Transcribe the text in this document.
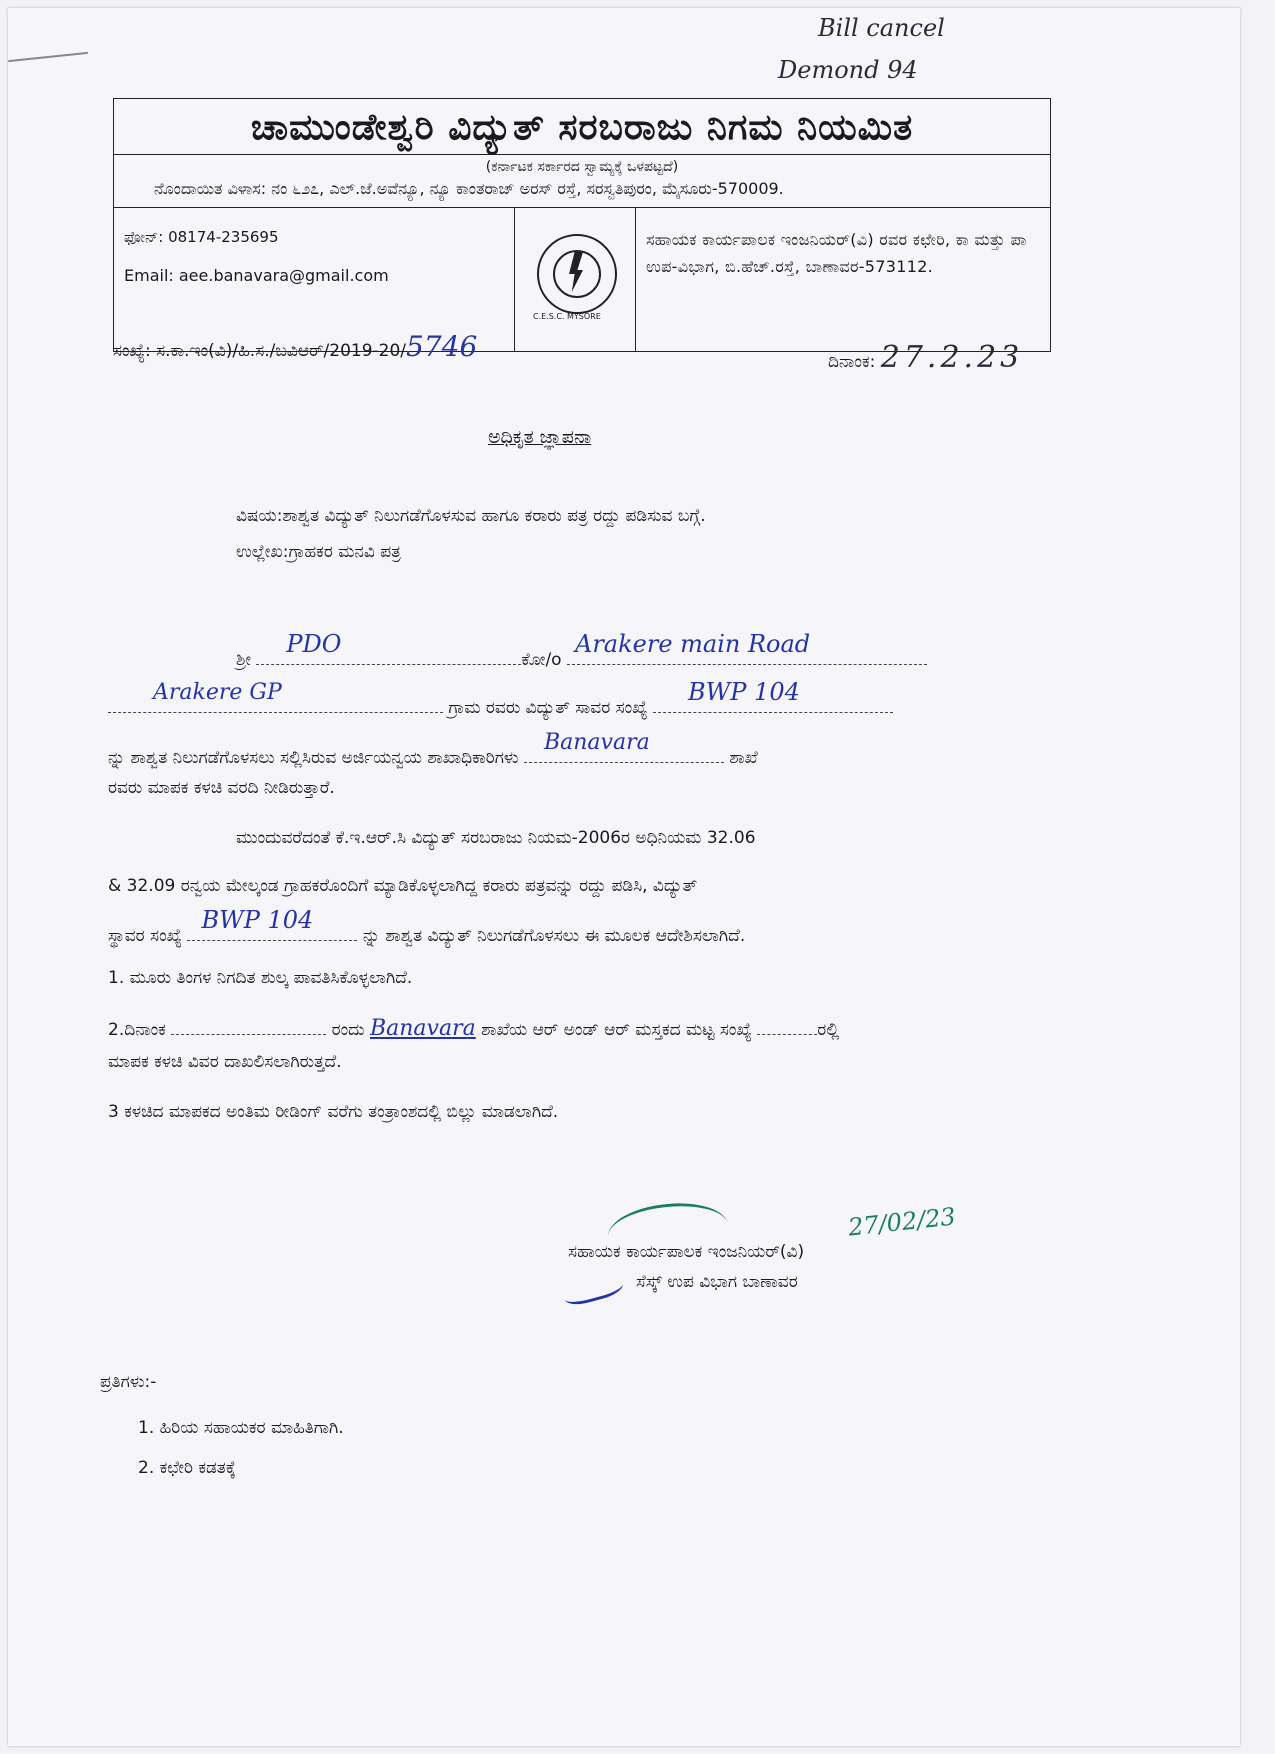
Bill cancel
Demond 94
ಚಾಮುಂಡೇಶ್ವರಿ ವಿದ್ಯುತ್ ಸರಬರಾಜು ನಿಗಮ ನಿಯಮಿತ
(ಕರ್ನಾಟಕ ಸರ್ಕಾರದ ಸ್ವಾಮ್ಯಕ್ಕೆ ಒಳಪಟ್ಟದೆ)
ನೊಂದಾಯಿತ ವಿಳಾಸ: ನಂ ೬೨೭, ಎಲ್.ಜೆ.ಅವೆನ್ಯೂ, ನ್ಯೂ ಕಾಂತರಾಜ್ ಅರಸ್ ರಸ್ತೆ, ಸರಸ್ವತಿಪುರಂ, ಮೈಸೂರು-570009.
ಫೋನ್: 08174-235695
Email: aee.banavara@gmail.com
C.E.S.C. MYSORE
ಸಹಾಯಕ ಕಾರ್ಯಪಾಲಕ ಇಂಜನಿಯರ್(ವಿ) ರವರ ಕಛೇರಿ, ಕಾ ಮತ್ತು ಪಾ ಉಪ-ವಿಭಾಗ, ಬಿ.ಹೆಚ್.ರಸ್ತೆ, ಬಾಣಾವರ-573112.
ಸಂಖ್ಯೆ: ಸ.ಕಾ.ಇಂ(ವಿ)/ಹಿ.ಸ./ಬವಿಆರ್/2019-20/5746	ದಿನಾಂಕ: 27.2.23
ಅಧಿಕೃತ ಜ್ಞಾಪನಾ
ವಿಷಯ:ಶಾಶ್ವತ ವಿದ್ಯುತ್ ನಿಲುಗಡೆಗೊಳಸುವ ಹಾಗೂ ಕರಾರು ಪತ್ರ ರದ್ದು ಪಡಿಸುವ ಬಗ್ಗೆ.
ಉಲ್ಲೇಖ:ಗ್ರಾಹಕರ ಮನವಿ ಪತ್ರ
ಶ್ರೀ
PDO
ಕೋ/o
Arakere main Road
Arakere GP
ಗ್ರಾಮ ರವರು ವಿದ್ಯುತ್ ಸಾವರ ಸಂಖ್ಯೆ
BWP 104
ನ್ನು ಶಾಶ್ವತ ನಿಲುಗಡೆಗೊಳಸಲು ಸಲ್ಲಿಸಿರುವ ಅರ್ಜಿಯನ್ವಯ ಶಾಖಾಧಿಕಾರಿಗಳು
Banavara
ಶಾಖೆ
ರವರು ಮಾಪಕ ಕಳಚಿ ವರದಿ ನೀಡಿರುತ್ತಾರೆ.
ಮುಂದುವರೆದಂತೆ ಕೆ.ಇ.ಆರ್.ಸಿ ವಿದ್ಯುತ್ ಸರಬರಾಜು ನಿಯಮ-2006ರ ಅಧಿನಿಯಮ 32.06
& 32.09 ರನ್ವಯ ಮೇಲ್ಕಂಡ ಗ್ರಾಹಕರೊಂದಿಗೆ ಮ್ಯಾಡಿಕೊಳ್ಳಲಾಗಿದ್ದ ಕರಾರು ಪತ್ರವನ್ನು ರದ್ದು ಪಡಿಸಿ, ವಿದ್ಯುತ್
ಸ್ಥಾವರ ಸಂಖ್ಯೆ
BWP 104
ನ್ನು ಶಾಶ್ವತ ವಿದ್ಯುತ್ ನಿಲುಗಡೆಗೊಳಸಲು ಈ ಮೂಲಕ ಆದೇಶಿಸಲಾಗಿದೆ.
1. ಮೂರು ತಿಂಗಳ ನಿಗದಿತ ಶುಲ್ಕ ಪಾವತಿಸಿಕೊಳ್ಳಲಾಗಿದೆ.
2.ದಿನಾಂಕ	ರಂದು Banavara ಶಾಖೆಯ ಆರ್ ಅಂಡ್ ಆರ್ ಮಸ್ತಕದ ಮಟ್ಟ ಸಂಖ್ಯೆ	ರಲ್ಲಿ
ಮಾಪಕ ಕಳಚಿ ವಿವರ ದಾಖಲಿಸಲಾಗಿರುತ್ತದೆ.
3 ಕಳಚಿದ ಮಾಪಕದ ಅಂತಿಮ ರೀಡಿಂಗ್ ವರೆಗು ತಂತ್ರಾಂಶದಲ್ಲಿ ಬಿಲ್ಲು ಮಾಡಲಾಗಿದೆ.
27/02/23
ಸಹಾಯಕ ಕಾರ್ಯಪಾಲಕ ಇಂಜನಿಯರ್(ವಿ)
ಸೆಸ್ಕ್ ಉಪ ವಿಭಾಗ ಬಾಣಾವರ
ಪ್ರತಿಗಳು:-
1. ಹಿರಿಯ ಸಹಾಯಕರ ಮಾಹಿತಿಗಾಗಿ.
2. ಕಛೇರಿ ಕಡತಕ್ಕೆ
